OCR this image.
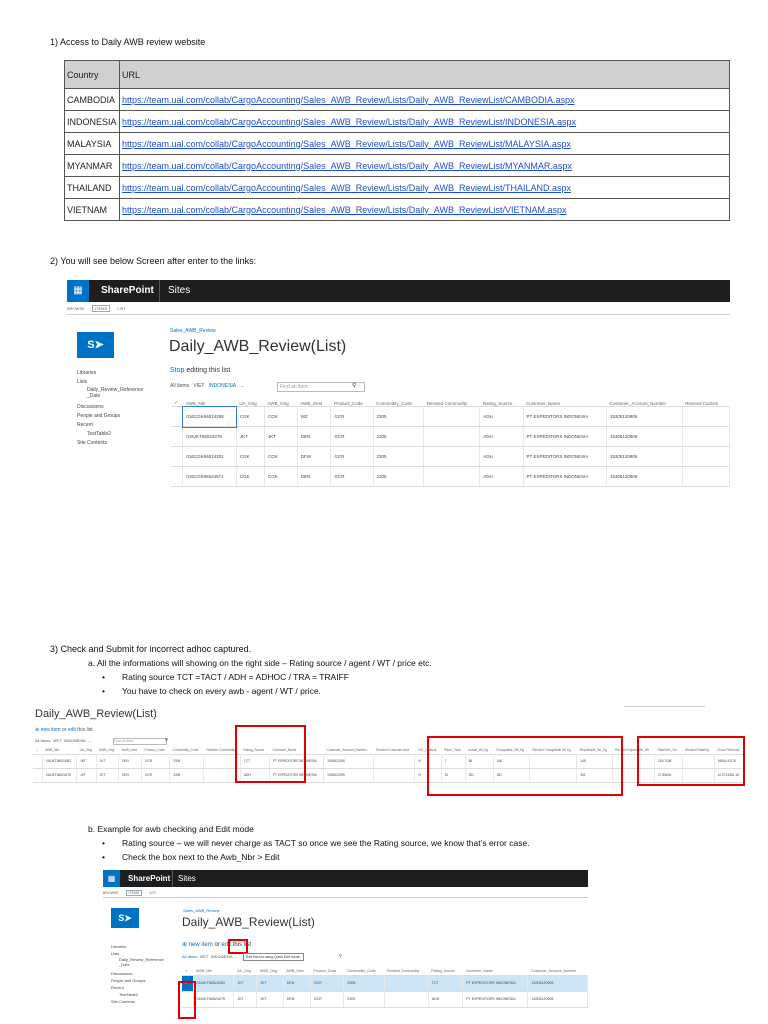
1) Access to Daily AWB review website
Country	URL
CAMBODIA	https://team.ual.com/collab/CargoAccounting/Sales_AWB_Review/Lists/Daily_AWB_ReviewList/CAMBODIA.aspx
INDONESIA	https://team.ual.com/collab/CargoAccounting/Sales_AWB_Review/Lists/Daily_AWB_ReviewList/INDONESIA.aspx
MALAYSIA	https://team.ual.com/collab/CargoAccounting/Sales_AWB_Review/Lists/Daily_AWB_ReviewList/MALAYSIA.aspx
MYANMAR	https://team.ual.com/collab/CargoAccounting/Sales_AWB_Review/Lists/Daily_AWB_ReviewList/MYANMAR.aspx
THAILAND	https://team.ual.com/collab/CargoAccounting/Sales_AWB_Review/Lists/Daily_AWB_ReviewList/THAILAND.aspx
VIETNAM	https://team.ual.com/collab/CargoAccounting/Sales_AWB_Review/Lists/Daily_AWB_ReviewList/VIETNAM.aspx
2) You will see below Screen after enter to the links:
▦	SharePoint Sites
BROWSE	ITEMS	LIST
S➤
Sales_AWB_Review
Daily_AWB_Review(List)
Libraries
Lists
Daily_Review_Reference
_Date
Discussions
People and Groups
Recent
TestTable2
Site Contents
Stop editing this list
All Items VIET INDONESIA ...	Find an item	⚲
✓	AWB_Nbr	UA_Orig	AWB_Orig	AWB_Dest	Product_Code	Commodity_Code	Revised Commodity	Rating_Source	Customer_Name	Customer_Account_Number	Revised Custom
	016CGK66524288	CGK	CGK	WZ	GCR	2305		ADH	PT EXPEDITORS INDONESIA	15305120906	
	016JKT66524275	JKT	JKT	DEN	GCR	2305		ADH	PT EXPEDITORS INDONESIA	15305120906	
	016CGK66524301	CGK	CGK	DFW	GCR	2305		ADH	PT EXPEDITORS INDONESIA	15305120906	
	016CGK66524571	CGK	CGK	DEN	GCR	2305		ADH	PT EXPEDITORS INDONESIA	15305120906	
3) Check and Submit for incorrect adhoc captured.
a. All the informations will showing on the right side – Rating source / agent / WT / price etc.
• Rating source TCT =TACT / ADH = ADHOC / TRA = TRAIFF
• You have to check on every awb - agent / WT / price.
Daily_AWB_Review(List)
⊕ new item or edit this list
All Items VIET INDONESIA ...	Find an item	⚲
✓	AWB_Nbr	UA_Orig	AWB_Orig	AWB_Dest	Product_Code	Commodity_Code	Revised Commodity	Rating_Source	Customer_Name	Customer_Account_Number	Revised Customer Acct	ICS_Loadcnt	Piece_Total	Actual_Wt_Kg	Chargeable_Wt_Kg	Revised Chargeable Wt Kg	Reportable_Wt_Kg	Revised Reportable_Wt	Rate/Kilo_Chr	Revised Rate/Kg	Gross Revenue
	016JKT66524283	JKT	JKT	DEN	GCR	2305		TCT	PT EXPEDITORS INDONESIA	1530512090		N	7	68	148		148		18.07108		16804.41176
	016JKT66524275	JKT	JKT	DEN	GCR	2305		ADH	PT EXPEDITORS INDONESIA	1530512090		N	32	301	361		361		27.86604		10.9713461.18
b. Example for awb checking and Edit mode
• Rating source – we will never charge as TACT so once we see the Rating source, we know that’s error case.
• Check the box next to the Awb_Nbr > Edit
▦	SharePoint Sites
BROWSE	ITEMS	LIST
S➤
Sales_AWB_Review
Daily_AWB_Review(List)
Libraries
Lists
Daily_Review_Reference
_Date
Discussions
People and Groups
Recent
TestTable2
Site Contents
⊕ new item or edit this list
All Items VIET INDONESIA ...	Edit this list using Quick Edit mode.	⚲
✓	AWB_Nbr	UA_Orig	AWB_Orig	AWB_Dest	Product_Code	Commodity_Code	Revised Commodity	Rating_Source	Customer_Name	Customer_Account_Number
✓	016JKT66524283	JKT	JKT	DEN	GCR	2305		TCT	PT EXPEDITORS INDONESIA	15305120906
	016JKT66524275	JKT	JKT	DEN	GCR	2305		ADH	PT EXPEDITORS INDONESIA	15305120906
